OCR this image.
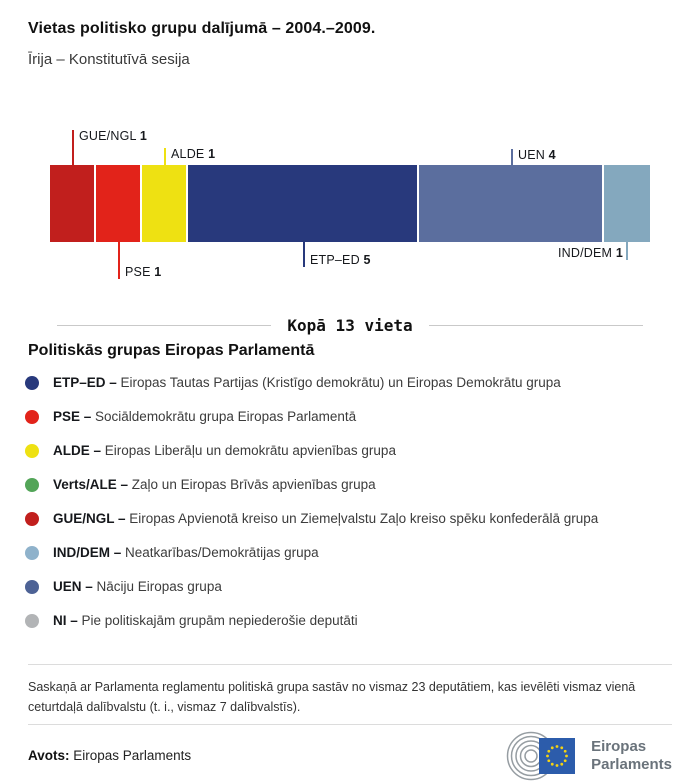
Vietas politisko grupu dalījumā – 2004.–2009.
Īrija – Konstitutīvā sesija
GUE/NGL 1
PSE 1
ALDE 1
ETP–ED 5
UEN 4
IND/DEM 1
Kopā 13 vieta
Politiskās grupas Eiropas Parlamentā
ETP–ED – Eiropas Tautas Partijas (Kristīgo demokrātu) un Eiropas Demokrātu grupa
PSE – Sociāldemokrātu grupa Eiropas Parlamentā
ALDE – Eiropas Liberāļu un demokrātu apvienības grupa
Verts/ALE – Zaļo un Eiropas Brīvās apvienības grupa
GUE/NGL – Eiropas Apvienotā kreiso un Ziemeļvalstu Zaļo kreiso spēku konfederālā grupa
IND/DEM – Neatkarības/Demokrātijas grupa
UEN – Nāciju Eiropas grupa
NI – Pie politiskajām grupām nepiederošie deputāti
Saskaņā ar Parlamenta reglamentu politiskā grupa sastāv no vismaz 23 deputātiem, kas ievēlēti vismaz vienā ceturtdaļā dalībvalstu (t. i., vismaz 7 dalībvalstīs).
Avots: Eiropas Parlaments
Eiropas
Parlaments
